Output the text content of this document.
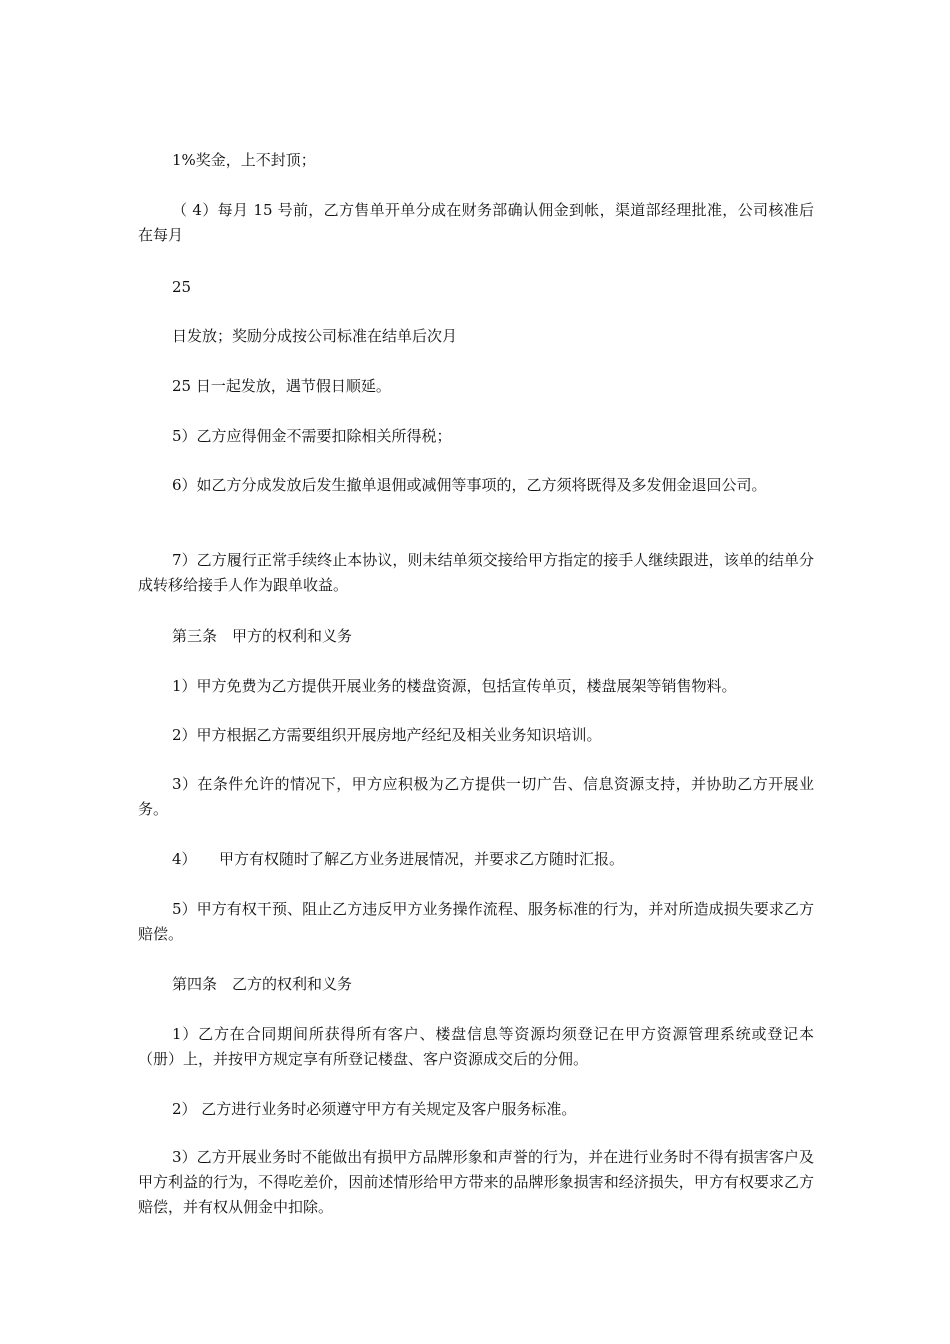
1%奖金，上不封顶；

（ 4）每月 15 号前，乙方售单开单分成在财务部确认佣金到帐，渠道部经理批准，公司核准后在每月

25

日发放；奖励分成按公司标准在结单后次月

25 日一起发放，遇节假日顺延。

5）乙方应得佣金不需要扣除相关所得税；

6）如乙方分成发放后发生撤单退佣或减佣等事项的，乙方须将既得及多发佣金退回公司。

7）乙方履行正常手续终止本协议，则未结单须交接给甲方指定的接手人继续跟进，该单的结单分成转移给接手人作为跟单收益。

第三条　甲方的权利和义务

1）甲方免费为乙方提供开展业务的楼盘资源，包括宣传单页，楼盘展架等销售物料。

2）甲方根据乙方需要组织开展房地产经纪及相关业务知识培训。

3）在条件允许的情况下，甲方应积极为乙方提供一切广告、信息资源支持，并协助乙方开展业务。

4）　　甲方有权随时了解乙方业务进展情况，并要求乙方随时汇报。

5）甲方有权干预、阻止乙方违反甲方业务操作流程、服务标准的行为，并对所造成损失要求乙方赔偿。

第四条　乙方的权利和义务

1）乙方在合同期间所获得所有客户、楼盘信息等资源均须登记在甲方资源管理系统或登记本（册）上，并按甲方规定享有所登记楼盘、客户资源成交后的分佣。

2） 乙方进行业务时必须遵守甲方有关规定及客户服务标准。

3）乙方开展业务时不能做出有损甲方品牌形象和声誉的行为，并在进行业务时不得有损害客户及甲方利益的行为，不得吃差价，因前述情形给甲方带来的品牌形象损害和经济损失，甲方有权要求乙方赔偿，并有权从佣金中扣除。
